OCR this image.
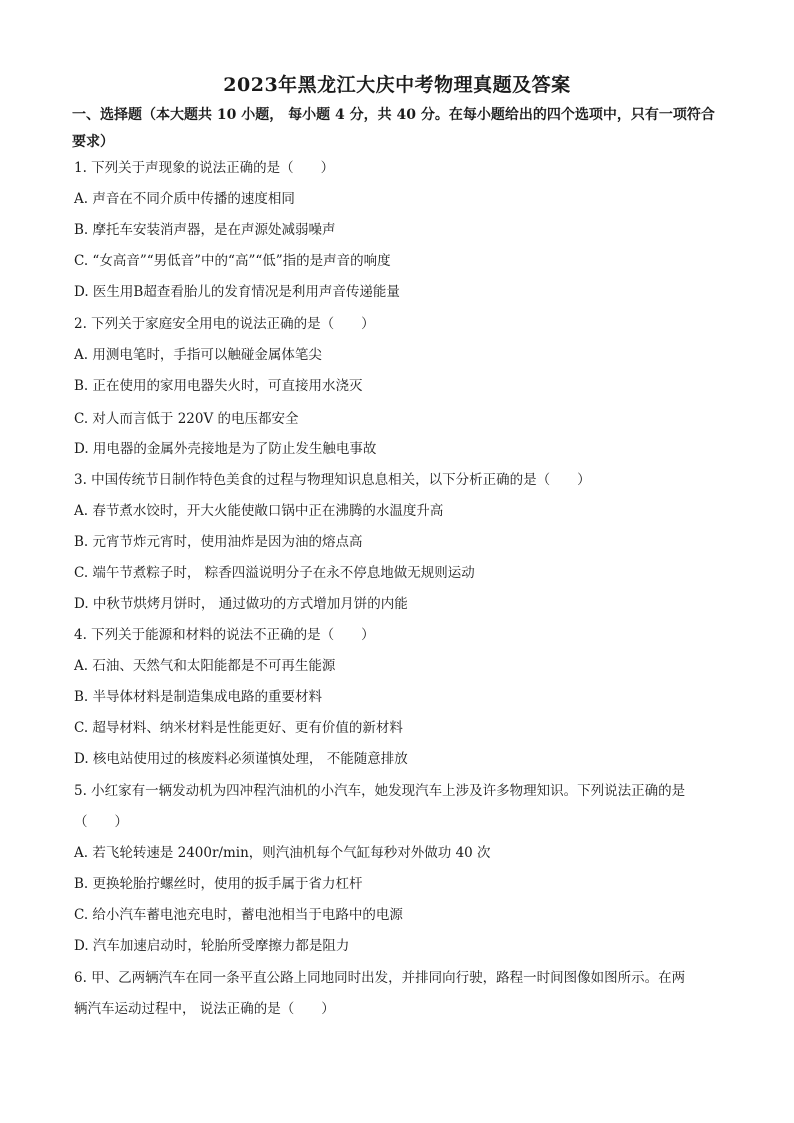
2023年黑龙江大庆中考物理真题及答案
一、选择题（本大题共 10 小题， 每小题 4 分，共 40 分。在每小题给出的四个选项中，只有一项符合要求）
1. 下列关于声现象的说法正确的是（　　）
A. 声音在不同介质中传播的速度相同
B. 摩托车安装消声器，是在声源处减弱噪声
C. “女高音”“男低音”中的“高”“低”指的是声音的响度
D. 医生用B超查看胎儿的发育情况是利用声音传递能量
2. 下列关于家庭安全用电的说法正确的是（　　）
A. 用测电笔时，手指可以触碰金属体笔尖
B. 正在使用的家用电器失火时，可直接用水浇灭
C. 对人而言低于 220V 的电压都安全
D. 用电器的金属外壳接地是为了防止发生触电事故
3. 中国传统节日制作特色美食的过程与物理知识息息相关，以下分析正确的是（　　）
A. 春节煮水饺时，开大火能使敞口锅中正在沸腾的水温度升高
B. 元宵节炸元宵时，使用油炸是因为油的熔点高
C. 端午节煮粽子时， 粽香四溢说明分子在永不停息地做无规则运动
D. 中秋节烘烤月饼时， 通过做功的方式增加月饼的内能
4. 下列关于能源和材料的说法不正确的是（　　）
A. 石油、天然气和太阳能都是不可再生能源
B. 半导体材料是制造集成电路的重要材料
C. 超导材料、纳米材料是性能更好、更有价值的新材料
D. 核电站使用过的核废料必须谨慎处理， 不能随意排放
5. 小红家有一辆发动机为四冲程汽油机的小汽车，她发现汽车上涉及许多物理知识。下列说法正确的是
（　　）
A. 若飞轮转速是 2400r/min，则汽油机每个气缸每秒对外做功 40 次
B. 更换轮胎拧螺丝时，使用的扳手属于省力杠杆
C. 给小汽车蓄电池充电时，蓄电池相当于电路中的电源
D. 汽车加速启动时，轮胎所受摩擦力都是阻力
6. 甲、乙两辆汽车在同一条平直公路上同地同时出发，并排同向行驶，路程一时间图像如图所示。在两
辆汽车运动过程中， 说法正确的是（　　）
